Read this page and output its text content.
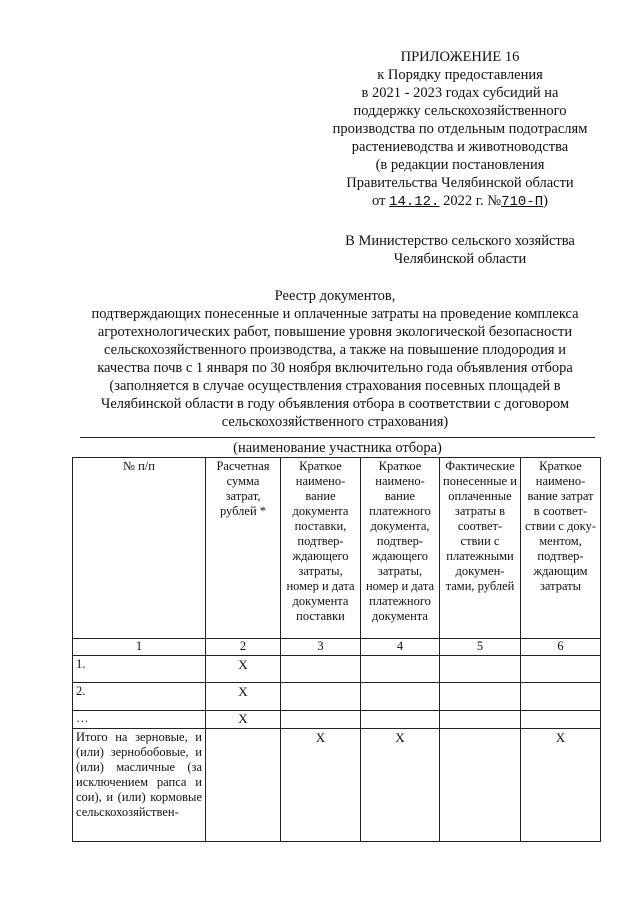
ПРИЛОЖЕНИЕ 16
к Порядку предоставления
в 2021 - 2023 годах субсидий на
поддержку сельскохозяйственного
производства по отдельным подотраслям
растениеводства и животноводства
(в редакции постановления
Правительства Челябинской области
от 14.12. 2022 г. №710-П)
В Министерство сельского хозяйства
Челябинской области
Реестр документов,
подтверждающих понесенные и оплаченные затраты на проведение комплекса
агротехнологических работ, повышение уровня экологической безопасности
сельскохозяйственного производства, а также на повышение плодородия и
качества почв с 1 января по 30 ноября включительно года объявления отбора
(заполняется в случае осуществления страхования посевных площадей в
Челябинской области в году объявления отбора в соответствии с договором
сельскохозяйственного страхования)
(наименование участника отбора)
№ п/п	Расчетная сумма затрат, рублей *	Краткое наимено-вание документа поставки, подтвер-ждающего затраты, номер и дата документа поставки	Краткое наимено-вание платежного документа, подтвер-ждающего затраты, номер и дата платежного документа	Фактические понесенные и оплаченные затраты в соответ-ствии с платежными докумен-тами, рублей	Краткое наимено-вание затрат в соответ-ствии с доку-ментом, подтвер-ждающим затраты
1	2	3	4	5	6
1.	X				
2.	X				
…	X				
Итого на зерновые, и (или) зернобобовые, и (или) масличные (за исключением рапса и сои), и (или) кормовые сельскохозяйствен-		X	X		X
